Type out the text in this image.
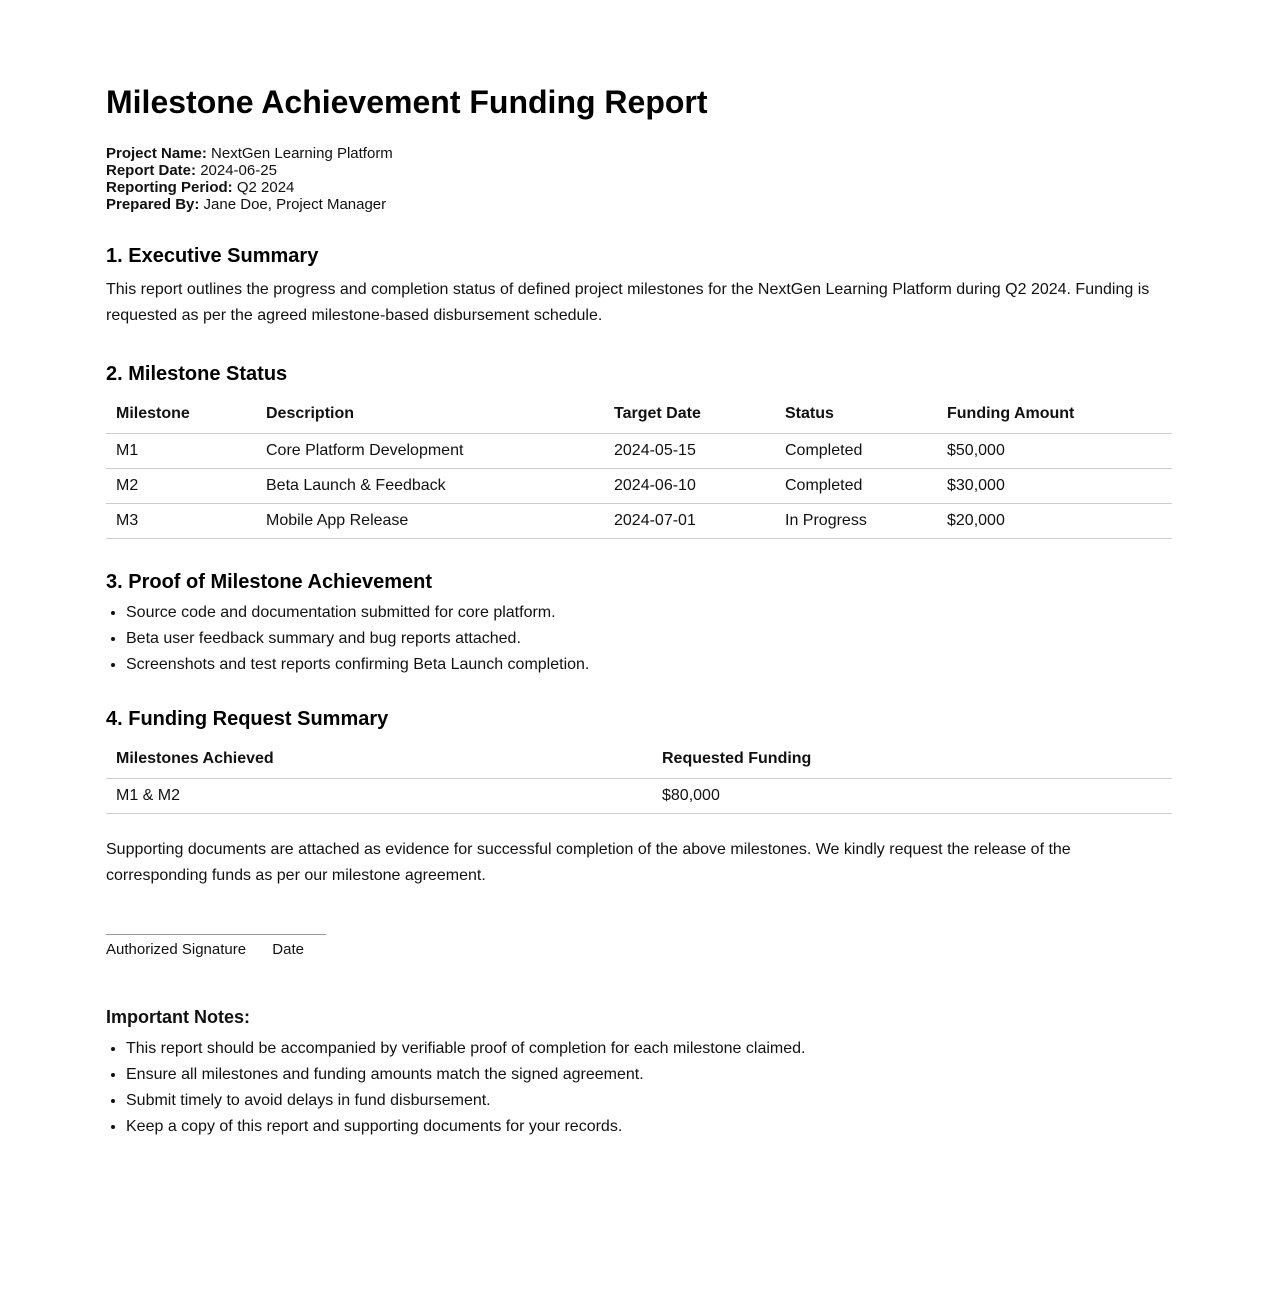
Milestone Achievement Funding Report
Project Name: NextGen Learning Platform
Report Date: 2024-06-25
Reporting Period: Q2 2024
Prepared By: Jane Doe, Project Manager
1. Executive Summary

This report outlines the progress and completion status of defined project milestones for the NextGen Learning Platform during Q2 2024. Funding is requested as per the agreed milestone-based disbursement schedule.

2. Milestone Status
Milestone	Description	Target Date	Status	Funding Amount
M1	Core Platform Development	2024-05-15	Completed	$50,000
M2	Beta Launch & Feedback	2024-06-10	Completed	$30,000
M3	Mobile App Release	2024-07-01	In Progress	$20,000
3. Proof of Milestone Achievement
• Source code and documentation submitted for core platform.
• Beta user feedback summary and bug reports attached.
• Screenshots and test reports confirming Beta Launch completion.
4. Funding Request Summary
Milestones Achieved	Requested Funding
M1 & M2	$80,000

Supporting documents are attached as evidence for successful completion of the above milestones. We kindly request the release of the corresponding funds as per our milestone agreement.

Authorized Signature Date
Important Notes:
• This report should be accompanied by verifiable proof of completion for each milestone claimed.
• Ensure all milestones and funding amounts match the signed agreement.
• Submit timely to avoid delays in fund disbursement.
• Keep a copy of this report and supporting documents for your records.
